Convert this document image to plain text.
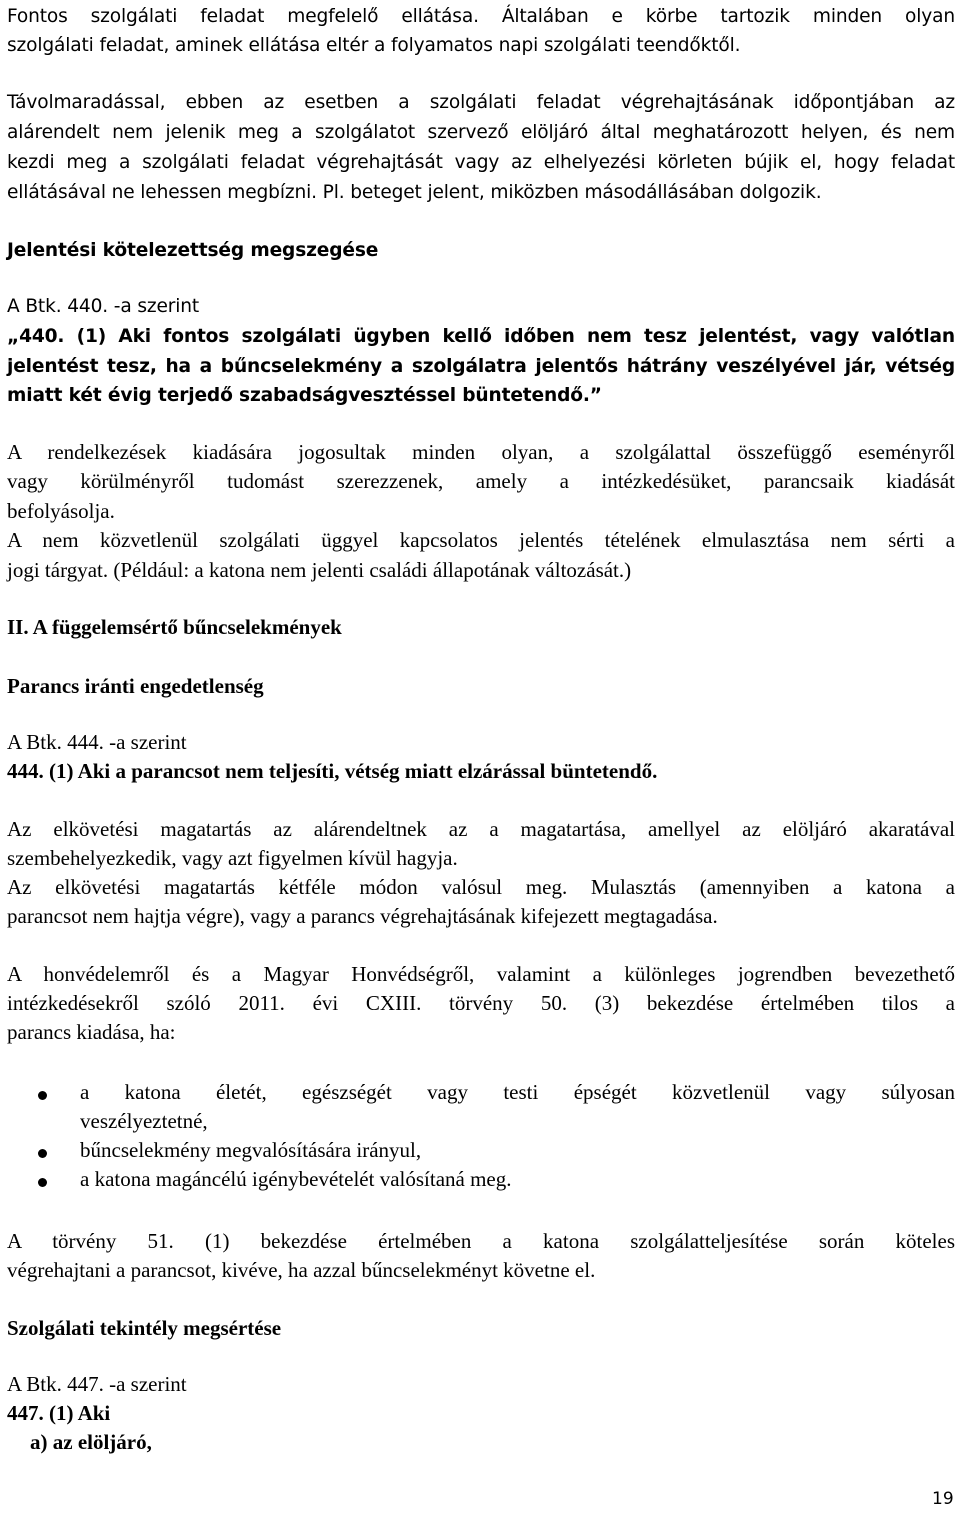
Fontos szolgálati feladat megfelelő ellátása. Általában e körbe tartozik minden olyan

szolgálati feladat, aminek ellátása eltér a folyamatos napi szolgálati teendőktől.

Távolmaradással, ebben az esetben a szolgálati feladat végrehajtásának időpontjában az

alárendelt nem jelenik meg a szolgálatot szervező elöljáró által meghatározott helyen, és nem

kezdi meg a szolgálati feladat végrehajtását vagy az elhelyezési körleten bújik el, hogy feladat

ellátásával ne lehessen megbízni. Pl. beteget jelent, miközben másodállásában dolgozik.

Jelentési kötelezettség megszegése

A Btk. 440. -a szerint

„440. (1) Aki fontos szolgálati ügyben kellő időben nem tesz jelentést, vagy valótlan

jelentést tesz, ha a bűncselekmény a szolgálatra jelentős hátrány veszélyével jár, vétség

miatt két évig terjedő szabadságvesztéssel büntetendő.”

A rendelkezések kiadására jogosultak minden olyan, a szolgálattal összefüggő eseményről

vagy körülményről tudomást szerezzenek, amely a intézkedésüket, parancsaik kiadását

befolyásolja.

A nem közvetlenül szolgálati üggyel kapcsolatos jelentés tételének elmulasztása nem sérti a

jogi tárgyat. (Például: a katona nem jelenti családi állapotának változását.)

II. A függelemsértő bűncselekmények

Parancs iránti engedetlenség

A Btk. 444. -a szerint

444. (1) Aki a parancsot nem teljesíti, vétség miatt elzárással büntetendő.

Az elkövetési magatartás az alárendeltnek az a magatartása, amellyel az elöljáró akaratával

szembehelyezkedik, vagy azt figyelmen kívül hagyja.

Az elkövetési magatartás kétféle módon valósul meg. Mulasztás (amennyiben a katona a

parancsot nem hajtja végre), vagy a parancs végrehajtásának kifejezett megtagadása.

A honvédelemről és a Magyar Honvédségről, valamint a különleges jogrendben bevezethető

intézkedésekről szóló 2011. évi CXIII. törvény 50. (3) bekezdése értelmében tilos a

parancs kiadása, ha:

a katona életét, egészségét vagy testi épségét közvetlenül vagy súlyosan

veszélyeztetné,

bűncselekmény megvalósítására irányul,

a katona magáncélú igénybevételét valósítaná meg.

A törvény 51. (1) bekezdése értelmében a katona szolgálatteljesítése során köteles

végrehajtani a parancsot, kivéve, ha azzal bűncselekményt követne el.

Szolgálati tekintély megsértése

A Btk. 447. -a szerint

447. (1) Aki

a) az elöljáró,

19
